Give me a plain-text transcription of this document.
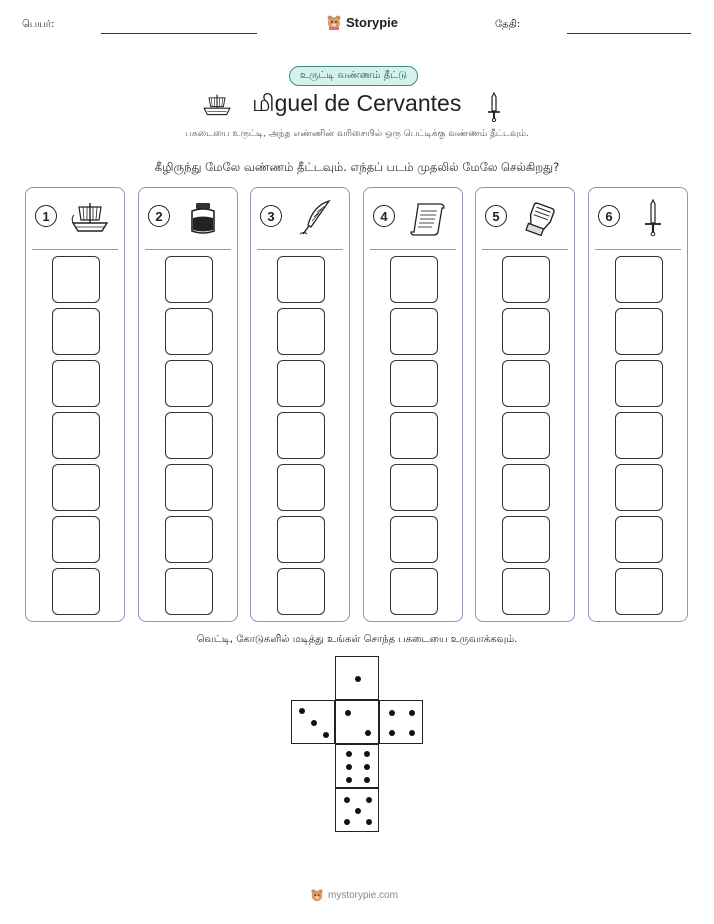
பெயர்:	Storypie	தேதி:
உருட்டி வண்ணம் தீட்டு
மிguel de Cervantes
பகடையை உருட்டி, அந்த எண்ணின் வரிசையில் ஒரு பெட்டிக்கு வண்ணம் தீட்டவும்.
கீழிருந்து மேலே வண்ணம் தீட்டவும். எந்தப் படம் முதலில் மேலே செல்கிறது?
1	2	3	4	5	6
வெட்டி, கோடுகளில் மடித்து உங்கள் சொந்த பகடையை உருவாக்கவும்.
mystorypie.com
